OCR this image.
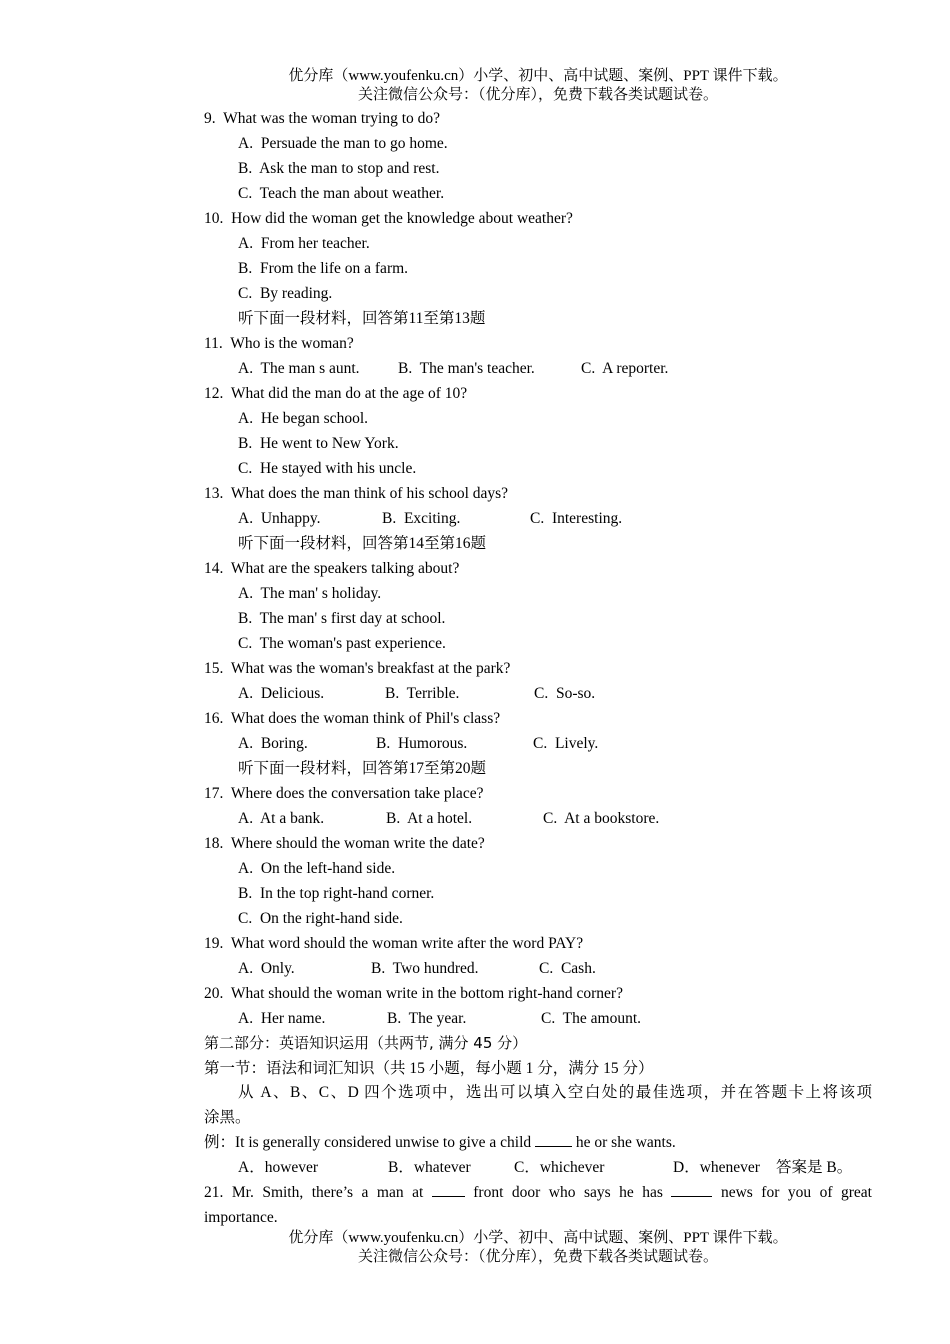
优分库（www.youfenku.cn）小学、初中、高中试题、案例、PPT 课件下载。
关注微信公众号：（优分库），免费下载各类试题试卷。
9.  What was the woman trying to do?
A.  Persuade the man to go home.
B.  Ask the man to stop and rest.
C.  Teach the man about weather.
10.  How did the woman get the knowledge about weather?
A.  From her teacher.
B.  From the life on a farm.
C.  By reading.
听下面一段材料，回答第11至第13题
11.  Who is the woman?
A.  The man s aunt. B.  The man's teacher.	C.  A reporter.
12.  What did the man do at the age of 10?
A.  He began school.
B.  He went to New York.
C.  He stayed with his uncle.
13.  What does the man think of his school days?
A.  Unhappy.	B.  Exciting.	C.  Interesting.
听下面一段材料，回答第14至第16题
14.  What are the speakers talking about?
A.  The man' s holiday.
B.  The man' s first day at school.
C.  The woman's past experience.
15.  What was the woman's breakfast at the park?
A.  Delicious.	B.  Terrible.	C.  So-so.
16.  What does the woman think of Phil's class?
A.  Boring.	B.  Humorous.	C.  Lively.
听下面一段材料，回答第17至第20题
17.  Where does the conversation take place?
A.  At a bank.	B.  At a hotel.	C.  At a bookstore.
18.  Where should the woman write the date?
A.  On the left-hand side.
B.  In the top right-hand corner.
C.  On the right-hand side.
19.  What word should the woman write after the word PAY?
A.  Only.	B.  Two hundred.	C.  Cash.
20.  What should the woman write in the bottom right-hand corner?
A.  Her name.	B.  The year.	C.  The amount.
第二部分：英语知识运用（共两节, 满分 45 分）
第一节：语法和词汇知识（共 15 小题，每小题 1 分，满分 15 分）
从 A、B、C、D 四个选项中，选出可以填入空白处的最佳选项，并在答题卡上将该项
涂黑。
例：It is generally considered unwise to give a child  he or she wants.
A．however	B．whatever	C．whichever	D．whenever 答案是 B。
21. Mr. Smith, there’s a man at  front door who says he has	news for you of great
importance.
优分库（www.youfenku.cn）小学、初中、高中试题、案例、PPT 课件下载。
关注微信公众号：（优分库），免费下载各类试题试卷。
